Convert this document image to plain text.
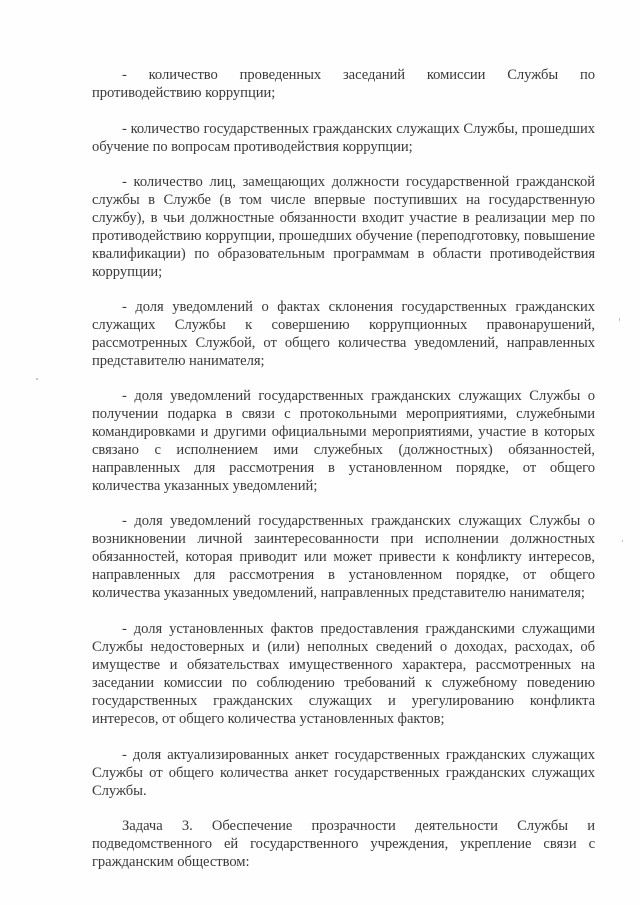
- количество проведенных заседаний комиссии Службы по противодействию коррупции;

- количество государственных гражданских служащих Службы, прошедших обучение по вопросам противодействия коррупции;

- количество лиц, замещающих должности государственной гражданской службы в Службе (в том числе впервые поступивших на государственную службу), в чьи должностные обязанности входит участие в реализации мер по противодействию коррупции, прошедших обучение (переподготовку, повышение квалификации) по образовательным программам в области противодействия коррупции;

- доля уведомлений о фактах склонения государственных гражданских служащих Службы к совершению коррупционных правонарушений, рассмотренных Службой, от общего количества уведомлений, направленных представителю нанимателя;

- доля уведомлений государственных гражданских служащих Службы о получении подарка в связи с протокольными мероприятиями, служебными командировками и другими официальными мероприятиями, участие в которых связано с исполнением ими служебных (должностных) обязанностей, направленных для рассмотрения в установленном порядке, от общего количества указанных уведомлений;

- доля уведомлений государственных гражданских служащих Службы о возникновении личной заинтересованности при исполнении должностных обязанностей, которая приводит или может привести к конфликту интересов, направленных для рассмотрения в установленном порядке, от общего количества указанных уведомлений, направленных представителю нанимателя;

- доля установленных фактов предоставления гражданскими служащими Службы недостоверных и (или) неполных сведений о доходах, расходах, об имуществе и обязательствах имущественного характера, рассмотренных на заседании комиссии по соблюдению требований к служебному поведению государственных гражданских служащих и урегулированию конфликта интересов, от общего количества установленных фактов;

- доля актуализированных анкет государственных гражданских служащих Службы от общего количества анкет государственных гражданских служащих Службы.

Задача 3. Обеспечение прозрачности деятельности Службы и подведомственного ей государственного учреждения, укрепление связи с гражданским обществом:
